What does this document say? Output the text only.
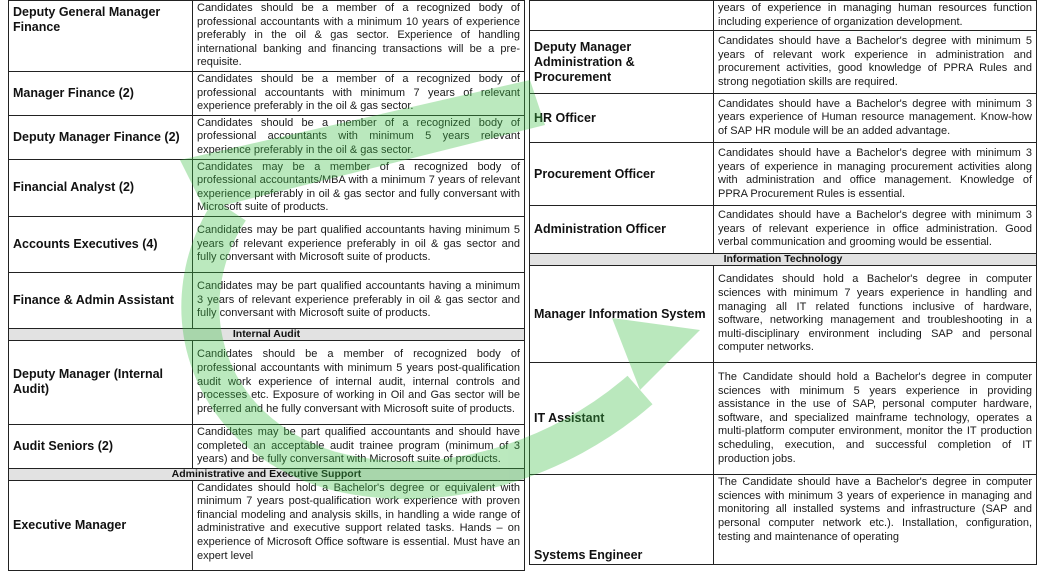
Deputy General Manager Finance	Candidates should be a member of a recognized body of professional accountants with a minimum 10 years of experience preferably in the oil & gas sector. Experience of handling international banking and financing transactions will be a pre-requisite.
Manager Finance (2)	Candidates should be a member of a recognized body of professional accountants with minimum 7 years of relevant experience preferably in the oil & gas sector.
Deputy Manager Finance (2)	Candidates should be a member of a recognized body of professional accountants with minimum 5 years relevant experience preferably in the oil & gas sector.
Financial Analyst (2)	Candidates may be a member of a recognized body of professional accountants/MBA with a minimum 7 years of relevant experience preferably in oil & gas sector and fully conversant with Microsoft suite of products.
Accounts Executives (4)	Candidates may be part qualified accountants having minimum 5 years of relevant experience preferably in oil & gas sector and fully conversant with Microsoft suite of products.
Finance & Admin Assistant	Candidates may be part qualified accountants having a minimum 3 years of relevant experience preferably in oil & gas sector and fully conversant with Microsoft suite of products.
Internal Audit	
Deputy Manager (Internal Audit)	Candidates should be a member of recognized body of professional accountants with minimum 5 years post-qualification audit work experience of internal audit, internal controls and processes etc. Exposure of working in Oil and Gas sector will be preferred and he fully conversant with Microsoft suite of products.
Audit Seniors (2)	Candidates may be part qualified accountants and should have completed an acceptable audit trainee program (minimum of 3 years) and be fully conversant with Microsoft suite of products.
Administrative and Executive Support	
Executive Manager	Candidates should hold a Bachelor's degree or equivalent with minimum 7 years post-qualification work experience with proven financial modeling and analysis skills, in handling a wide range of administrative and executive support related tasks. Hands – on experience of Microsoft Office software is essential. Must have an expert level
	years of experience in managing human resources function including experience of organization development.
Deputy Manager Administration & Procurement	Candidates should have a Bachelor's degree with minimum 5 years of relevant work experience in administration and procurement activities, good knowledge of PPRA Rules and strong negotiation skills are required.
HR Officer	Candidates should have a Bachelor's degree with minimum 3 years experience of Human resource management. Know-how of SAP HR module will be an added advantage.
Procurement Officer	Candidates should have a Bachelor's degree with minimum 3 years of experience in managing procurement activities along with administration and office management. Knowledge of PPRA Procurement Rules is essential.
Administration Officer	Candidates should have a Bachelor's degree with minimum 3 years of relevant experience in office administration. Good verbal communication and grooming would be essential.
Information Technology	
Manager Information System	Candidates should hold a Bachelor's degree in computer sciences with minimum 7 years experience in handling and managing all IT related functions inclusive of hardware, software, networking management and troubleshooting in a multi-disciplinary environment including SAP and personal computer networks.
IT Assistant	The Candidate should hold a Bachelor's degree in computer sciences with minimum 5 years experience in providing assistance in the use of SAP, personal computer hardware, software, and specialized mainframe technology, operates a multi-platform computer environment, monitor the IT production scheduling, execution, and successful completion of IT production jobs.
Systems Engineer	The Candidate should have a Bachelor's degree in computer sciences with minimum 3 years of experience in managing and monitoring all installed systems and infrastructure (SAP and personal computer network etc.). Installation, configuration, testing and maintenance of operating
